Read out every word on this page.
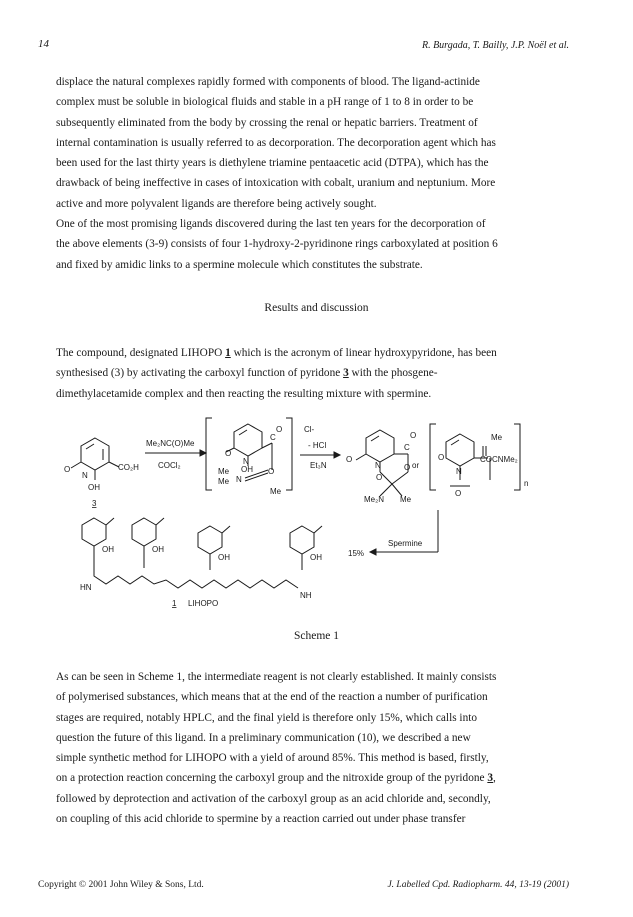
14	R. Burgada, T. Bailly, J.P. Noël et al.
displace the natural complexes rapidly formed with components of blood. The ligand-actinide
complex must be soluble in biological fluids and stable in a pH range of 1 to 8 in order to be
subsequently eliminated from the body by crossing the renal or hepatic barriers. Treatment of
internal contamination is usually referred to as decorporation. The decorporation agent which has
been used for the last thirty years is diethylene triamine pentaacetic acid (DTPA), which has the
drawback of being ineffective in cases of intoxication with cobalt, uranium and neptunium. More
active and more polyvalent ligands are therefore being actively sought.
One of the most promising ligands discovered during the last ten years for the decorporation of
the above elements (3-9) consists of four 1-hydroxy-2-pyridinone rings carboxylated at position 6
and fixed by amidic links to a spermine molecule which constitutes the substrate.
Results and discussion
The compound, designated LIHOPO 1 which is the acronym of linear hydroxypyridone, has been
synthesised (3) by activating the carboxyl function of pyridone 3 with the phosgene-
dimethylacetamide complex and then reacting the resulting mixture with spermine.
N
O	CO₂H
OH
3
Me₂NC(O)Me
COCl₂
O
N
C
O
OH O
Me
Me N
Me
Cl-
- HCl
Et₃N
O
N
C
O
O
O
Me₂N Me
or
O
N
O
Me
COCNMe₂
n
Spermine
15%
OH	OH
OH	OH
HN
NH
1 LIHOPO
Scheme 1
As can be seen in Scheme 1, the intermediate reagent is not clearly established. It mainly consists
of polymerised substances, which means that at the end of the reaction a number of purification
stages are required, notably HPLC, and the final yield is therefore only 15%, which calls into
question the future of this ligand. In a preliminary communication (10), we described a new
simple synthetic method for LIHOPO with a yield of around 85%. This method is based, firstly,
on a protection reaction concerning the carboxyl group and the nitroxide group of the pyridone 3,
followed by deprotection and activation of the carboxyl group as an acid chloride and, secondly,
on coupling of this acid chloride to spermine by a reaction carried out under phase transfer
Copyright © 2001 John Wiley & Sons, Ltd.	J. Labelled Cpd. Radiopharm. 44, 13-19 (2001)
